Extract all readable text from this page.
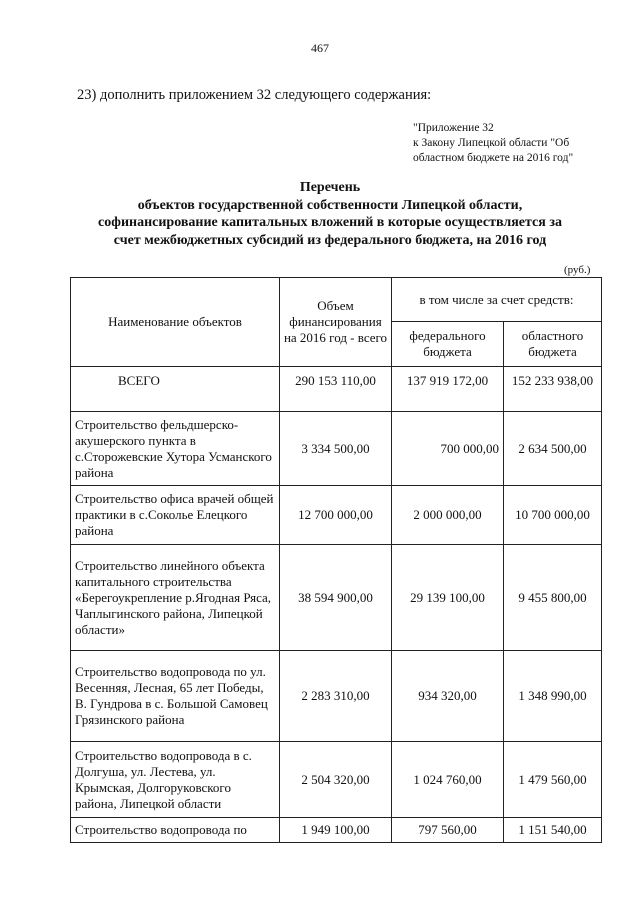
467
23) дополнить приложением 32 следующего содержания:
"Приложение 32
к Закону Липецкой области "Об
областном бюджете на 2016 год"
Перечень
объектов государственной собственности Липецкой области,
софинансирование капитальных вложений в которые осуществляется за
счет межбюджетных субсидий из федерального бюджета, на 2016 год
(руб.)
Наименование объектов	Объем финансирования на 2016 год - всего	в том числе за счет средств:	
		федерального бюджета	областного бюджета
ВСЕГО	290 153 110,00	137 919 172,00	152 233 938,00
Строительство фельдшерско-акушерского пункта в с.Сторожевские Хутора Усманского района	3 334 500,00	700 000,00	2 634 500,00
Строительство офиса врачей общей практики в с.Сокольe Елецкого района	12 700 000,00	2 000 000,00	10 700 000,00
Строительство линейного объекта капитального строительства «Берегоукрепление р.Ягодная Ряса, Чаплыгинского района, Липецкой области»	38 594 900,00	29 139 100,00	9 455 800,00
Строительство водопровода по ул. Весенняя, Лесная, 65 лет Победы, В. Гундрова в с. Большой Самовец Грязинского района	2 283 310,00	934 320,00	1 348 990,00
Строительство водопровода в с. Долгуша, ул. Лестева, ул. Крымская, Долгоруковского района, Липецкой области	2 504 320,00	1 024 760,00	1 479 560,00
Строительство водопровода по	1 949 100,00	797 560,00	1 151 540,00
